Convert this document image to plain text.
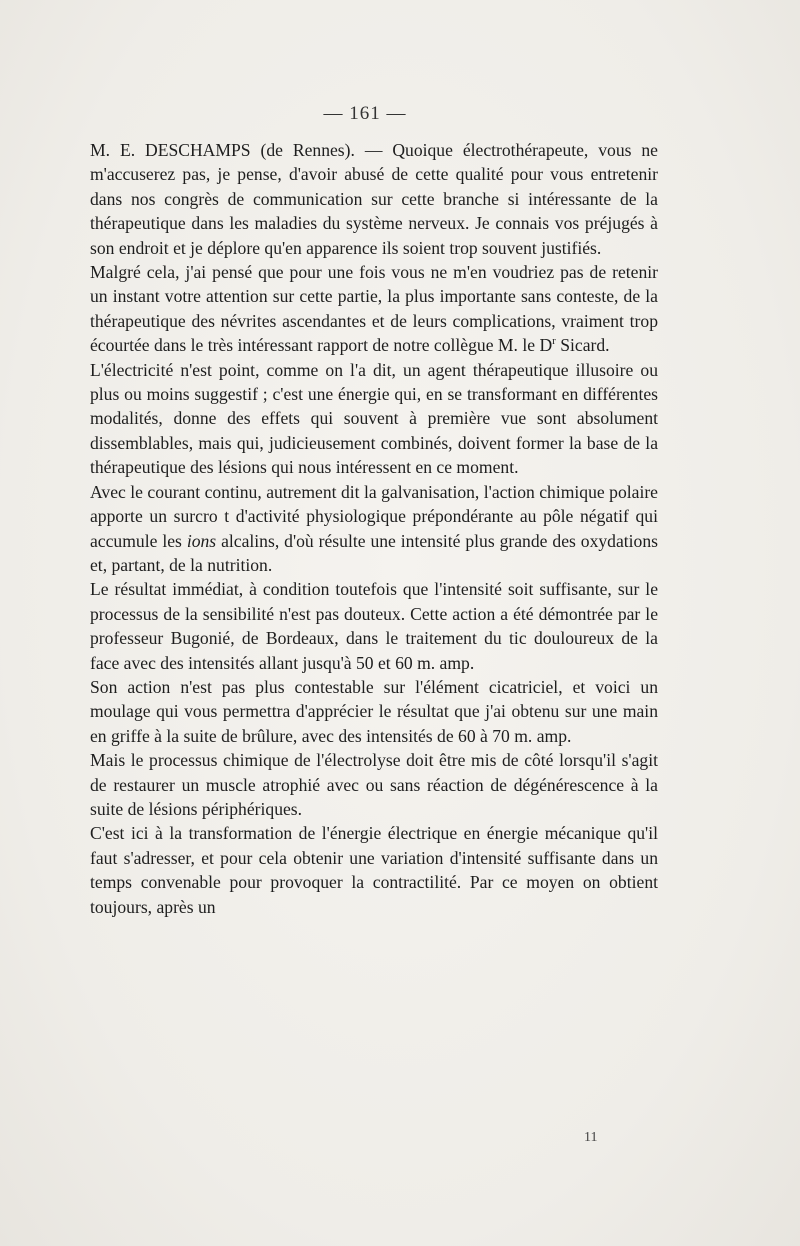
— 161 —

M. E. DESCHAMPS (de Rennes). — Quoique électrothérapeute, vous ne m'accuserez pas, je pense, d'avoir abusé de cette qualité pour vous entretenir dans nos congrès de communication sur cette branche si intéressante de la thérapeutique dans les maladies du système nerveux. Je connais vos préjugés à son endroit et je déplore qu'en apparence ils soient trop souvent justifiés.

Malgré cela, j'ai pensé que pour une fois vous ne m'en voudriez pas de retenir un instant votre attention sur cette partie, la plus importante sans conteste, de la thérapeutique des névrites ascendantes et de leurs complications, vraiment trop écourtée dans le très intéressant rapport de notre collègue M. le $D^r$ Sicard.

L'électricité n'est point, comme on l'a dit, un agent thérapeutique illusoire ou plus ou moins suggestif ; c'est une énergie qui, en se transformant en différentes modalités, donne des effets qui souvent à première vue sont absolument dissemblables, mais qui, judicieusement combinés, doivent former la base de la thérapeutique des lésions qui nous intéressent en ce moment.

Avec le courant continu, autrement dit la galvanisation, l'action chimique polaire apporte un surcro t d'activité physiologique prépondérante au pôle négatif qui accumule les ions alcalins, d'où résulte une intensité plus grande des oxydations et, partant, de la nutrition.

Le résultat immédiat, à condition toutefois que l'intensité soit suffisante, sur le processus de la sensibilité n'est pas douteux. Cette action a été démontrée par le professeur Bugonié, de Bordeaux, dans le traitement du tic douloureux de la face avec des intensités allant jusqu'à 50 et 60 m. amp.

Son action n'est pas plus contestable sur l'élément cicatriciel, et voici un moulage qui vous permettra d'apprécier le résultat que j'ai obtenu sur une main en griffe à la suite de brûlure, avec des intensités de 60 à 70 m. amp.

Mais le processus chimique de l'électrolyse doit être mis de côté lorsqu'il s'agit de restaurer un muscle atrophié avec ou sans réaction de dégénérescence à la suite de lésions périphériques.

C'est ici à la transformation de l'énergie électrique en énergie mécanique qu'il faut s'adresser, et pour cela obtenir une variation d'intensité suffisante dans un temps convenable pour provoquer la contractilité. Par ce moyen on obtient toujours, après un

11
